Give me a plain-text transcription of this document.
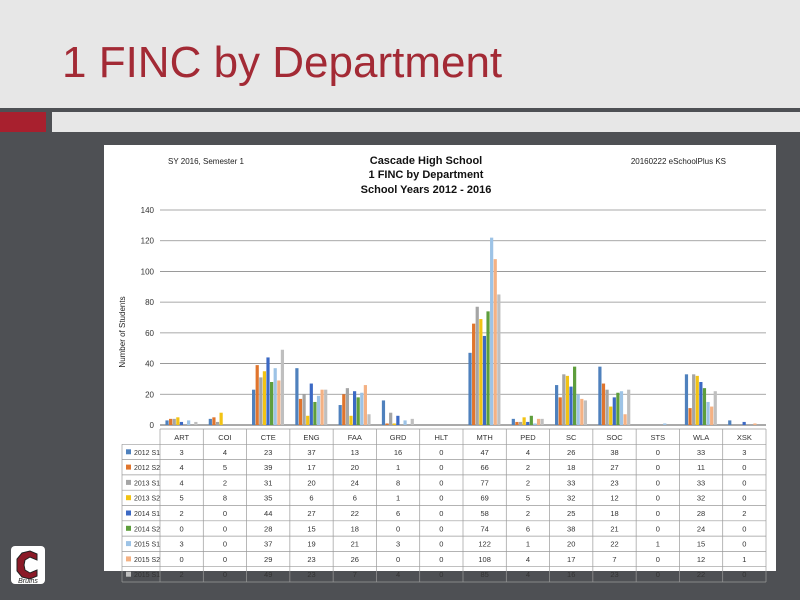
1 FINC by Department
SY 2016, Semester 1	Cascade High School
1 FINC by Department
School Years 2012 - 2016
20160222 eSchoolPlus KS
Number of Students
0
20
40
60
80
100
120
140
ART	COI	CTE	ENG	FAA	GRD	HLT	MTH	PED	SC	SOC	STS	WLA	XSK
2012 S1	3	4	23	37	13	16	0	47	4	26	38	0	33	3
2012 S2	4	5	39	17	20	1	0	66	2	18	27	0	11	0
2013 S1	4	2	31	20	24	8	0	77	2	33	23	0	33	0
2013 S2	5	8	35	6	6	1	0	69	5	32	12	0	32	0
2014 S1	2	0	44	27	22	6	0	58	2	25	18	0	28	2
2014 S2	0	0	28	15	18	0	0	74	6	38	21	0	24	0
2015 S1	3	0	37	19	21	3	0	122	1	20	22	1	15	0
2015 S2	0	0	29	23	26	0	0	108	4	17	7	0	12	1
2015 S1	2	0	49	23	7	4	0	85	4	16	23	0	22	0
Bruins
